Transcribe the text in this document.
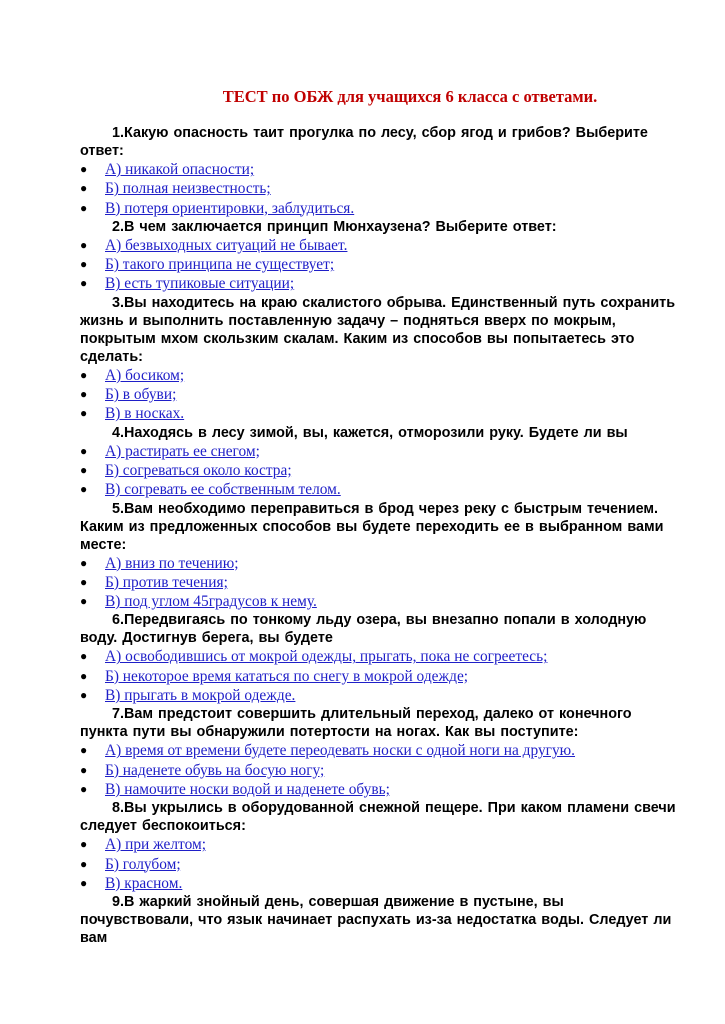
ТЕСТ по ОБЖ для учащихся 6 класса с ответами.

1.Какую опасность таит прогулка по лесу, сбор ягод и грибов? Выберите ответ:

● А) никакой опасности;
● Б) полная неизвестность;
● В) потеря ориентировки, заблудиться.

2.В чем заключается принцип Мюнхаузена? Выберите ответ:

● А) безвыходных ситуаций не бывает.
● Б) такого принципа не существует;
● В) есть тупиковые ситуации;

3.Вы находитесь на краю скалистого обрыва. Единственный путь сохранить жизнь и выполнить поставленную задачу – подняться вверх по мокрым, покрытым мхом скользким скалам. Каким из способов вы попытаетесь это сделать:

● А) босиком;
● Б) в обуви;
● В) в носках.

4.Находясь в лесу зимой, вы, кажется, отморозили руку. Будете ли вы

● А) растирать ее снегом;
● Б) согреваться около костра;
● В) согревать ее собственным телом.

5.Вам необходимо переправиться в брод через реку с быстрым течением. Каким из предложенных способов вы будете переходить ее в выбранном вами месте:

● А) вниз по течению;
● Б) против течения;
● В) под углом 45градусов к нему.

6.Передвигаясь по тонкому льду озера, вы внезапно попали в холодную воду. Достигнув берега, вы будете

● А) освободившись от мокрой одежды, прыгать, пока не согреетесь;
● Б) некоторое время кататься по снегу в мокрой одежде;
● В) прыгать в мокрой одежде.

7.Вам предстоит совершить длительный переход, далеко от конечного пункта пути вы обнаружили потертости на ногах. Как вы поступите:

● А) время от времени будете переодевать носки с одной ноги на другую.
● Б) наденете обувь на босую ногу;
● В) намочите носки водой и наденете обувь;

8.Вы укрылись в оборудованной снежной пещере. При каком пламени свечи следует беспокоиться:

● А) при желтом;
● Б) голубом;
● В) красном.

9.В жаркий знойный день, совершая движение в пустыне, вы почувствовали, что язык начинает распухать из-за недостатка воды. Следует ли вам
